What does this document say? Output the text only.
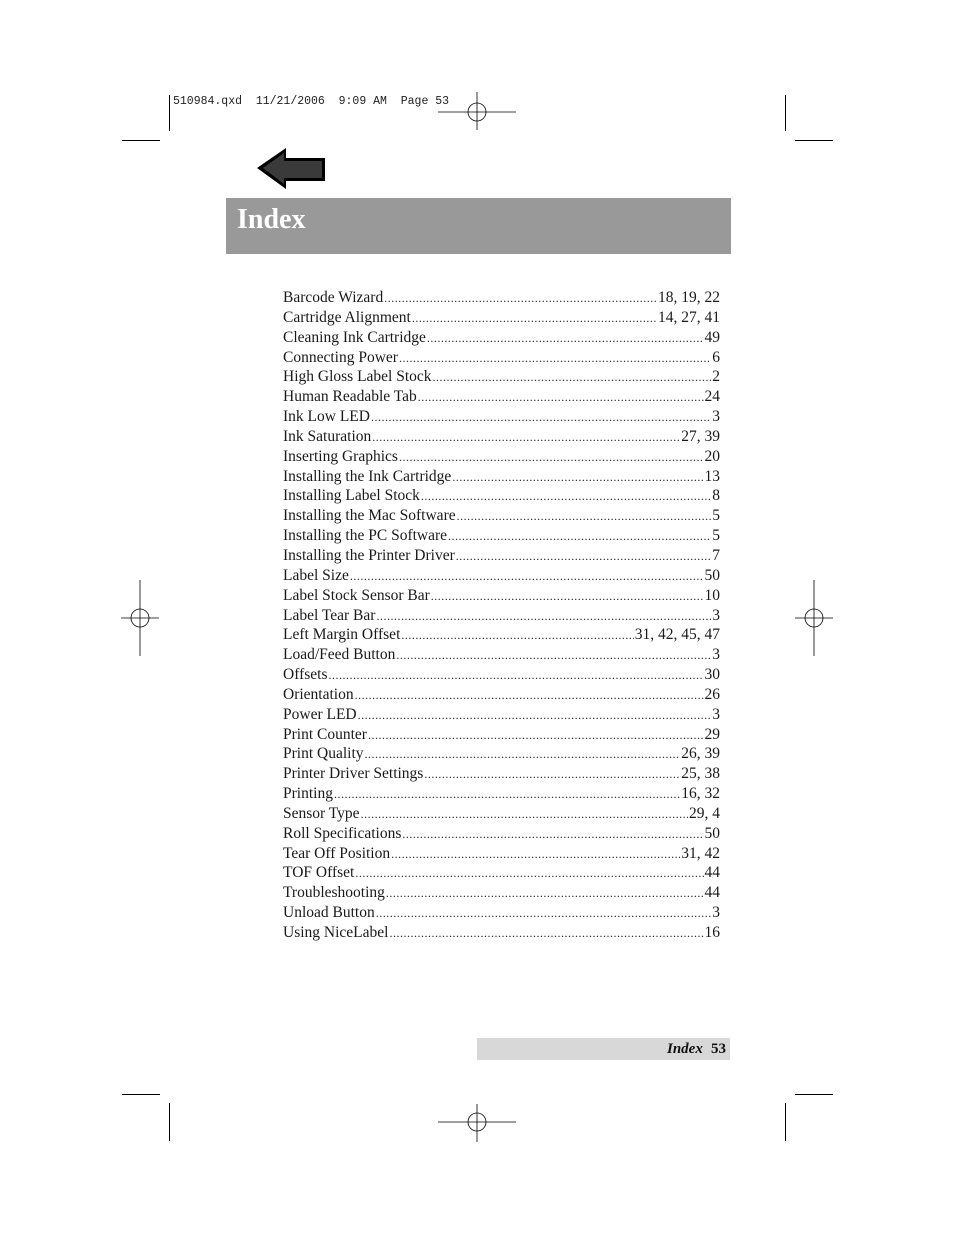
510984.qxd  11/21/2006  9:09 AM  Page 53
Index
Barcode Wizard .....	18, 19, 22
Cartridge Alignment .....	14, 27, 41
Cleaning Ink Cartridge .....	49
Connecting Power .....	6
High Gloss Label Stock .....	2
Human Readable Tab .....	24
Ink Low LED .....	3
Ink Saturation .....	27, 39
Inserting Graphics .....	20
Installing the Ink Cartridge .....	13
Installing Label Stock .....	8
Installing the Mac Software .....	5
Installing the PC Software .....	5
Installing the Printer Driver .....	7
Label Size .....	50
Label Stock Sensor Bar .....	10
Label Tear Bar .....	3
Left Margin Offset .....	31, 42, 45, 47
Load/Feed Button .....	3
Offsets .....	30
Orientation .....	26
Power LED .....	3
Print Counter .....	29
Print Quality .....	26, 39
Printer Driver Settings .....	25, 38
Printing .....	16, 32
Sensor Type .....	29, 4
Roll Specifications .....	50
Tear Off Position .....	31, 42
TOF Offset .....	44
Troubleshooting .....	44
Unload Button .....	3
Using NiceLabel .....	16
Index 53
